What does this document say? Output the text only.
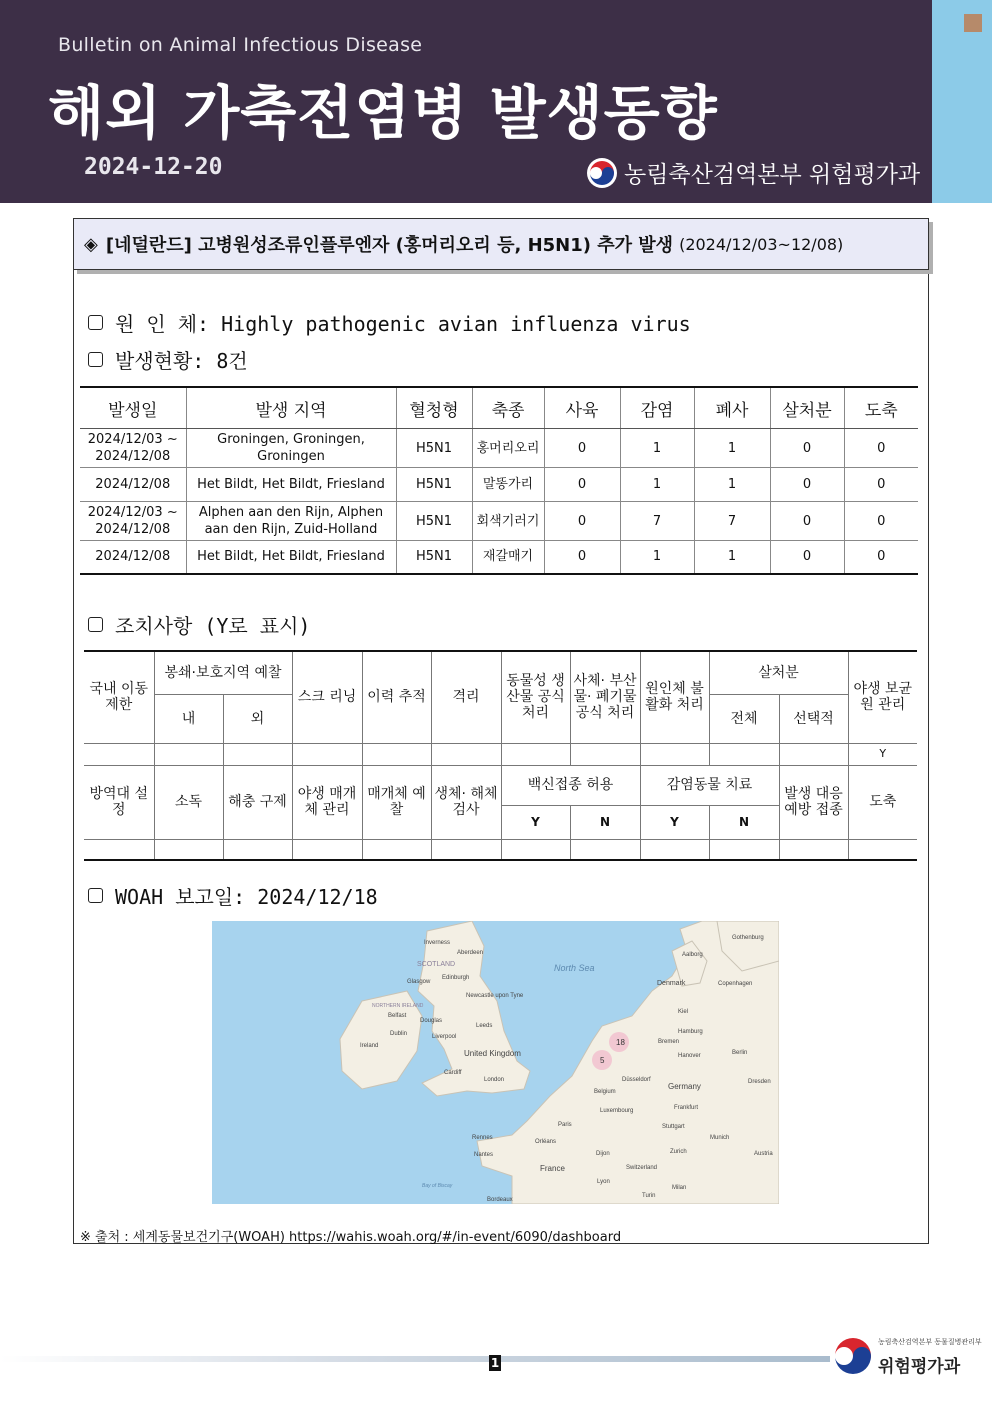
Bulletin on Animal Infectious Disease
해외 가축전염병 발생동향
2024-12-20	농림축산검역본부 위험평가과
◈ [네덜란드] 고병원성조류인플루엔자 (홍머리오리 등, H5N1) 추가 발생 (2024/12/03~12/08)
원 인 체: Highly pathogenic avian influenza virus
발생현황: 8건
발생일	발생 지역	혈청형	축종	사육	감염	폐사	살처분	도축
2024/12/03 ~ 2024/12/08	Groningen, Groningen, Groningen	H5N1	홍머리오리	0	1	1	0	0
2024/12/08	Het Bildt, Het Bildt, Friesland	H5N1	말똥가리	0	1	1	0	0
2024/12/03 ~ 2024/12/08	Alphen aan den Rijn, Alphen aan den Rijn, Zuid-Holland	H5N1	회색기러기	0	7	7	0	0
2024/12/08	Het Bildt, Het Bildt, Friesland	H5N1	재갈매기	0	1	1	0	0
조치사항 (Y로 표시)
국내 이동 제한	봉쇄·보호지역 예찰		스크 리닝	이력 추적	격리	동물성 생산물 공식 처리	사체· 부산물· 폐기물 공식 처리	원인체 불활화 처리	살처분		야생 보균원 관리
	내	외							전체	선택적	
											Y
방역대 설정	소독	해충 구제	야생 매개체 관리	매개체 예찰	생체· 해체 검사	백신접종 허용		감염동물 치료		발생 대응 예방 접종	도축
						Y	N	Y	N		

WOAH 보고일: 2024/12/18
18
5
Inverness
Aberdeen
SCOTLAND
Edinburgh
Glasgow
Newcastle upon Tyne
NORTHERN IRELAND
Belfast
Douglas
Leeds
Dublin
Ireland
Liverpool
United Kingdom
Cardiff
London
North Sea
Gothenburg
Aalborg
Denmark	Copenhagen
Kiel
Hamburg
Bremen
Hanover	Berlin
Düsseldorf
Germany
Belgium
Dresden
Luxembourg	Frankfurt
Paris	Stuttgart
Rennes
Orléans
Munich
Nantes	Zurich	Austria
Dijon
Switzerland
France
Bay of Biscay
Bordeaux
Lyon
Milan
Turin
※ 출처 : 세계동물보건기구(WOAH) https://wahis.woah.org/#/in-event/6090/dashboard
1
농림축산검역본부 동물질병관리부
위험평가과
